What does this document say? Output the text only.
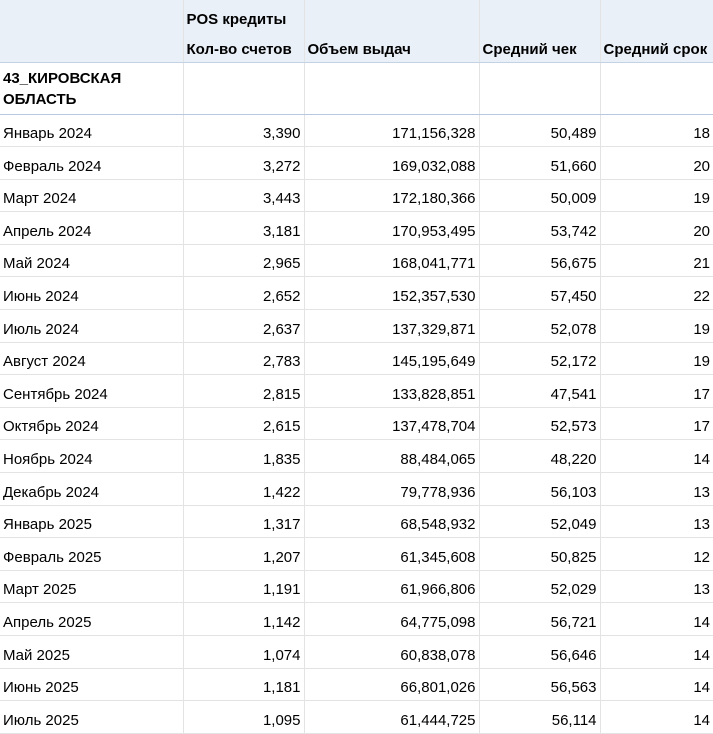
	POS кредиты			
	Кол-во счетов	Объем выдач	Средний чек	Средний срок
43_КИРОВСКАЯ ОБЛАСТЬ				
Январь 2024	3,390	171,156,328	50,489	18
Февраль 2024	3,272	169,032,088	51,660	20
Март 2024	3,443	172,180,366	50,009	19
Апрель 2024	3,181	170,953,495	53,742	20
Май 2024	2,965	168,041,771	56,675	21
Июнь 2024	2,652	152,357,530	57,450	22
Июль 2024	2,637	137,329,871	52,078	19
Август 2024	2,783	145,195,649	52,172	19
Сентябрь 2024	2,815	133,828,851	47,541	17
Октябрь 2024	2,615	137,478,704	52,573	17
Ноябрь 2024	1,835	88,484,065	48,220	14
Декабрь 2024	1,422	79,778,936	56,103	13
Январь 2025	1,317	68,548,932	52,049	13
Февраль 2025	1,207	61,345,608	50,825	12
Март 2025	1,191	61,966,806	52,029	13
Апрель 2025	1,142	64,775,098	56,721	14
Май 2025	1,074	60,838,078	56,646	14
Июнь 2025	1,181	66,801,026	56,563	14
Июль 2025	1,095	61,444,725	56,114	14
